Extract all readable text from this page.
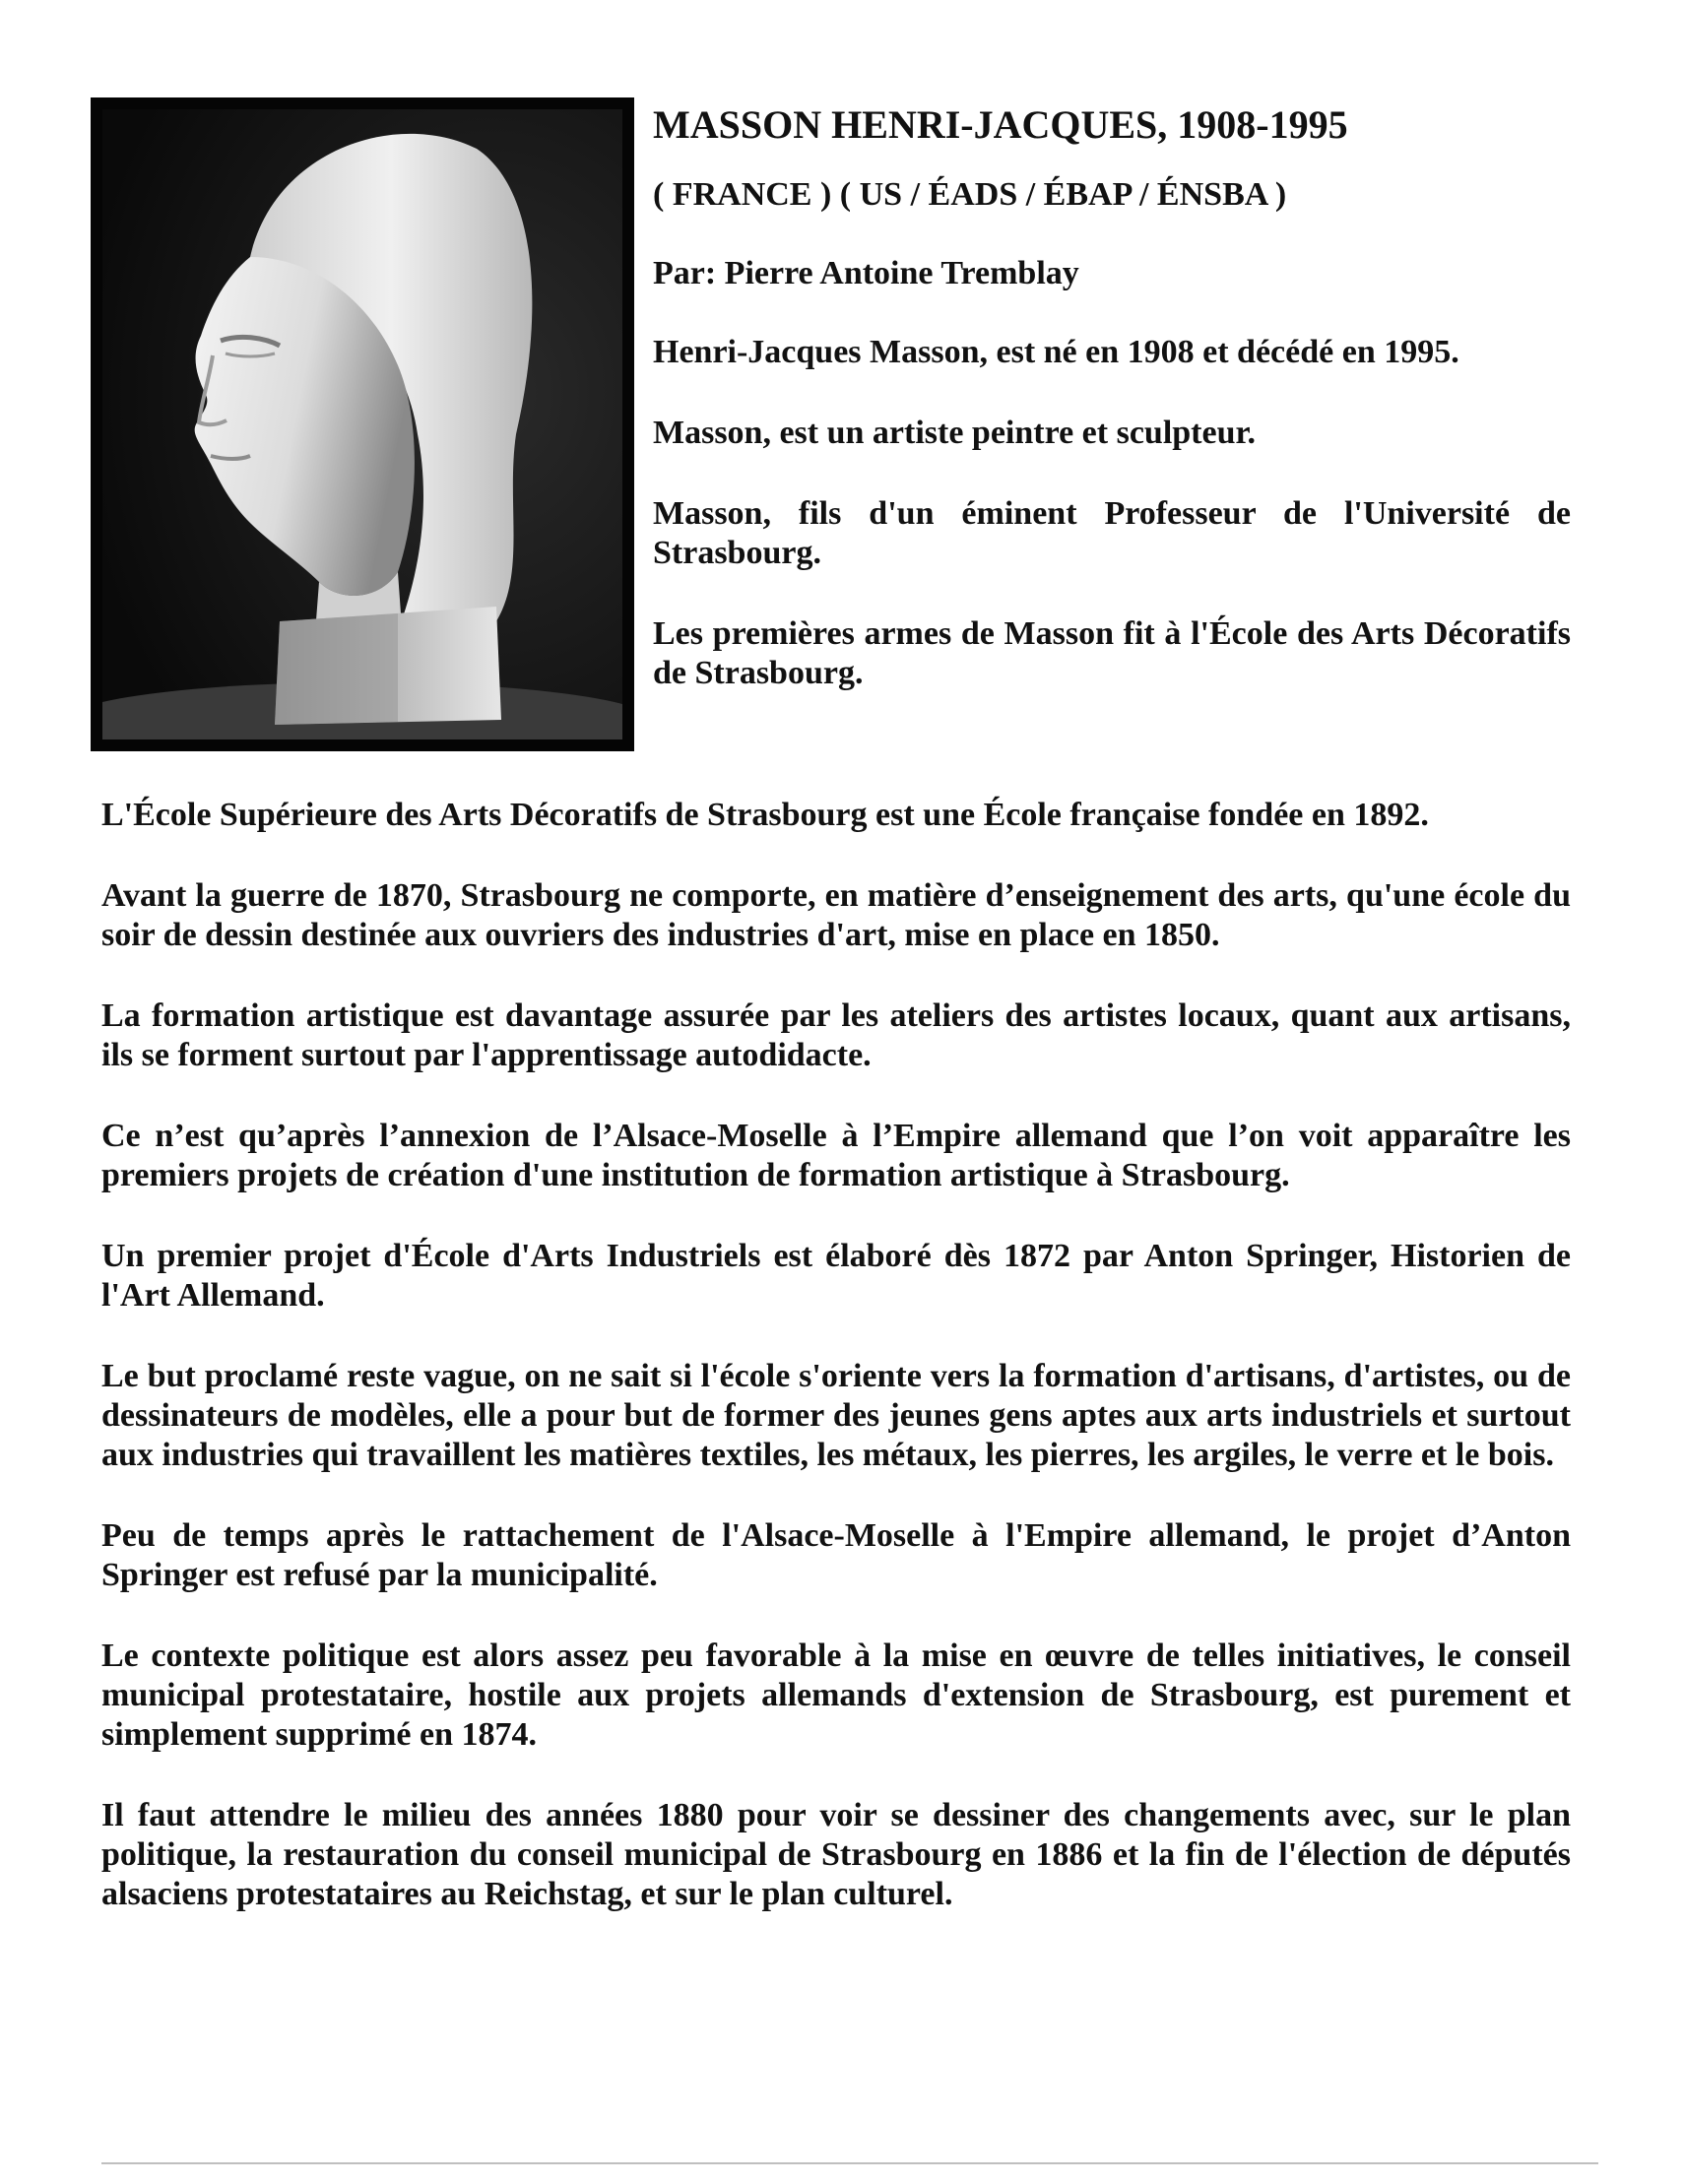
MASSON HENRI-JACQUES, 1908-1995

( FRANCE ) ( US / ÉADS / ÉBAP / ÉNSBA )

Par: Pierre Antoine Tremblay

Henri-Jacques Masson, est né en 1908 et décédé en 1995.

Masson, est un artiste peintre et sculpteur.

Masson, fils d'un éminent Professeur de l'Université de Strasbourg.

Les premières armes de Masson fit à l'École des Arts Décoratifs de Strasbourg.

L'École Supérieure des Arts Décoratifs de Strasbourg est une École française fondée en 1892.

Avant la guerre de 1870, Strasbourg ne comporte, en matière d’enseignement des arts, qu'une école du soir de dessin destinée aux ouvriers des industries d'art, mise en place en 1850.

La formation artistique est davantage assurée par les ateliers des artistes locaux, quant aux artisans, ils se forment surtout par l'apprentissage autodidacte.

Ce n’est qu’après l’annexion de l’Alsace-Moselle à l’Empire allemand que l’on voit apparaître les premiers projets de création d'une institution de formation artistique à Strasbourg.

Un premier projet d'École d'Arts Industriels est élaboré dès 1872 par Anton Springer, Historien de l'Art Allemand.

Le but proclamé reste vague, on ne sait si l'école s'oriente vers la formation d'artisans, d'artistes, ou de dessinateurs de modèles, elle a pour but de former des jeunes gens aptes aux arts industriels et surtout aux industries qui travaillent les matières textiles, les métaux, les pierres, les argiles, le verre et le bois.

Peu de temps après le rattachement de l'Alsace-Moselle à l'Empire allemand, le projet d’Anton Springer est refusé par la municipalité.

Le contexte politique est alors assez peu favorable à la mise en œuvre de telles initiatives, le conseil municipal protestataire, hostile aux projets allemands d'extension de Strasbourg, est purement et simplement supprimé en 1874.

Il faut attendre le milieu des années 1880 pour voir se dessiner des changements avec, sur le plan politique, la restauration du conseil municipal de Strasbourg en 1886 et la fin de l'élection de députés alsaciens protestataires au Reichstag, et sur le plan culturel.
